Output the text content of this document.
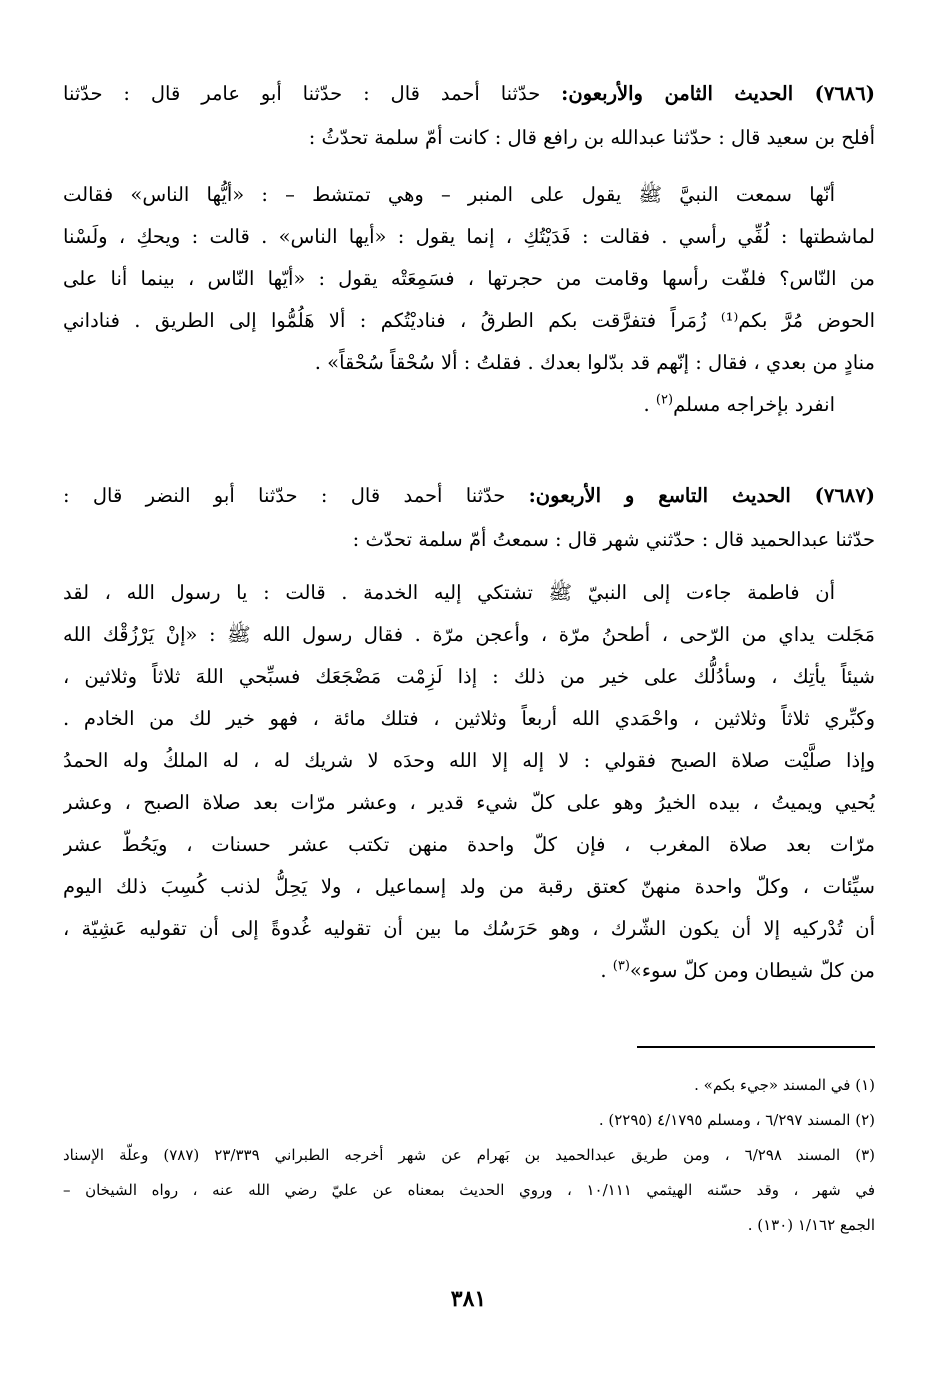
(٧٦٨٦) الحديث الثامن والأربعون: حدّثنا أحمد قال : حدّثنا أبو عامر قال : حدّثنا
أفلح بن سعيد قال : حدّثنا عبدالله بن رافع قال : كانت أمّ سلمة تحدّثُ :
أنّها سمعت النبيَّ ﷺ يقول على المنبر – وهي تمتشط – : «أيُّها الناس» فقالت
لماشطتها : لُفِّي رأسي . فقالت : فَدَيْتُكِ ، إنما يقول : «أيها الناس» . قالت : ويحكِ ، ولَسْنا
من النّاس؟ فلفّت رأسها وقامت من حجرتها ، فسَمِعَتْه يقول : «أيّها النّاس ، بينما أنا على
الحوض مُرَّ بكم⁽¹⁾ زُمَراً فتفرَّقت بكم الطرقُ ، فناديْتُكم : ألا هَلُمُّوا إلى الطريق . فناداني
منادٍ من بعدي ، فقال : إنّهم قد بدّلوا بعدك . فقلتُ : ألا سُحْقاً سُحْقاً» .
انفرد بإخراجه مسلم$^{(٢)}$ .
(٧٦٨٧) الحديث التاسع و الأربعون: حدّثنا أحمد قال : حدّثنا أبو النضر قال :
حدّثنا عبدالحميد قال : حدّثني شهر قال : سمعتُ أمّ سلمة تحدّث :
أن فاطمة جاءت إلى النبيّ ﷺ تشتكي إليه الخدمة . قالت : يا رسول الله ، لقد
مَجَلت يداي من الرّحى ، أطحنُ مرّة ، وأعجن مرّة . فقال رسول الله ﷺ : «إنْ يَرْزُقْك الله
شيئاً يأتِك ، وسأدُلُّك على خير من ذلك : إذا لَزِمْت مَضْجَعَك فسبِّحي اللهَ ثلاثاً وثلاثين ،
وكبِّري ثلاثاً وثلاثين ، واحْمَدي الله أربعاً وثلاثين ، فتلك مائة ، فهو خير لك من الخادم .
وإذا صلَّيْت صلاة الصبح فقولي : لا إله إلا الله وحدَه لا شريك له ، له الملكُ وله الحمدُ
يُحيي ويميتُ ، بيده الخيرُ وهو على كلّ شيء قدير ، وعشر مرّات بعد صلاة الصبح ، وعشر
مرّات بعد صلاة المغرب ، فإن كلّ واحدة منهن تكتب عشر حسنات ، ويَحُطّ عشر
سيِّئات ، وكلّ واحدة منهنّ كعتق رقبة من ولد إسماعيل ، ولا يَحِلُّ لذنب كُسِبَ ذلك اليوم
أن تُدْركيه إلا أن يكون الشّرك ، وهو حَرَسُك ما بين أن تقوليه غُدوةً إلى أن تقوليه عَشِيّة ،
من كلّ شيطان ومن كلّ سوء»$^{(٣)}$ .
(١) في المسند «جيء بكم» .
(٢) المسند ٦/٢٩٧ ، ومسلم ٤/١٧٩٥ (٢٢٩٥) .
(٣) المسند ٦/٢٩٨ ، ومن طريق عبدالحميد بن بَهرام عن شهر أخرجه الطبراني ٢٣/٣٣٩ (٧٨٧) وعلّة الإسناد
في شهر ، وقد حسّنه الهيثمي ١٠/١١١ ، وروي الحديث بمعناه عن عليّ رضي الله عنه ، رواه الشيخان –
الجمع ١/١٦٢ (١٣٠) .
٣٨١
